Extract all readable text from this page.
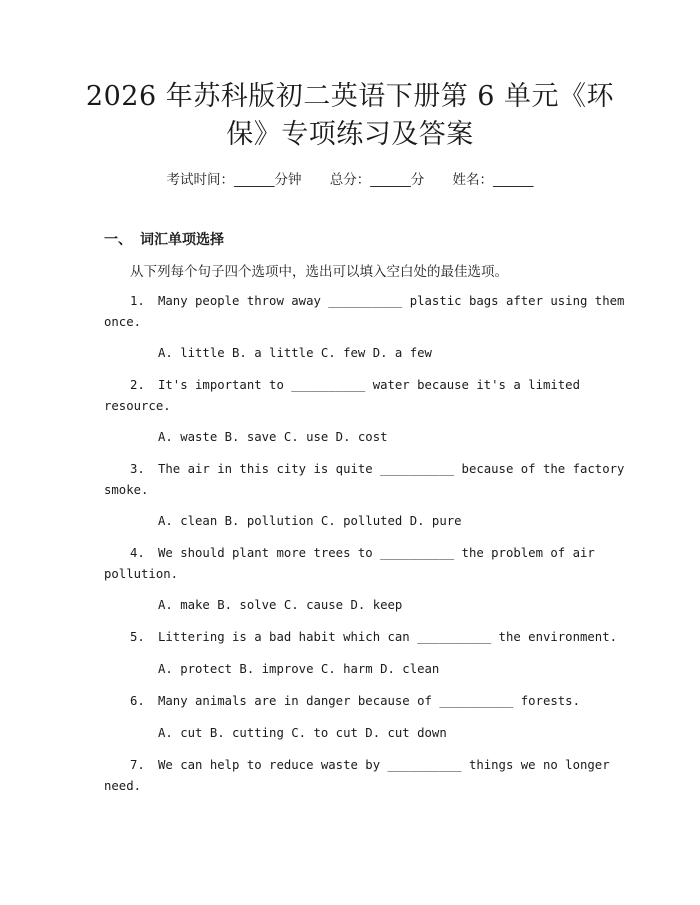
2026 年苏科版初二英语下册第 6 单元《环
保》专项练习及答案
考试时间：______分钟 总分：______分 姓名：______
一、 词汇单项选择
从下列每个句子四个选项中，选出可以填入空白处的最佳选项。
1. Many people throw away __________ plastic bags after using them
once.
A. little B. a little C. few D. a few
2. It's important to __________ water because it's a limited
resource.
A. waste B. save C. use D. cost
3. The air in this city is quite __________ because of the factory
smoke.
A. clean B. pollution C. polluted D. pure
4. We should plant more trees to __________ the problem of air
pollution.
A. make B. solve C. cause D. keep
5. Littering is a bad habit which can __________ the environment.
A. protect B. improve C. harm D. clean
6. Many animals are in danger because of __________ forests.
A. cut B. cutting C. to cut D. cut down
7. We can help to reduce waste by __________ things we no longer
need.
